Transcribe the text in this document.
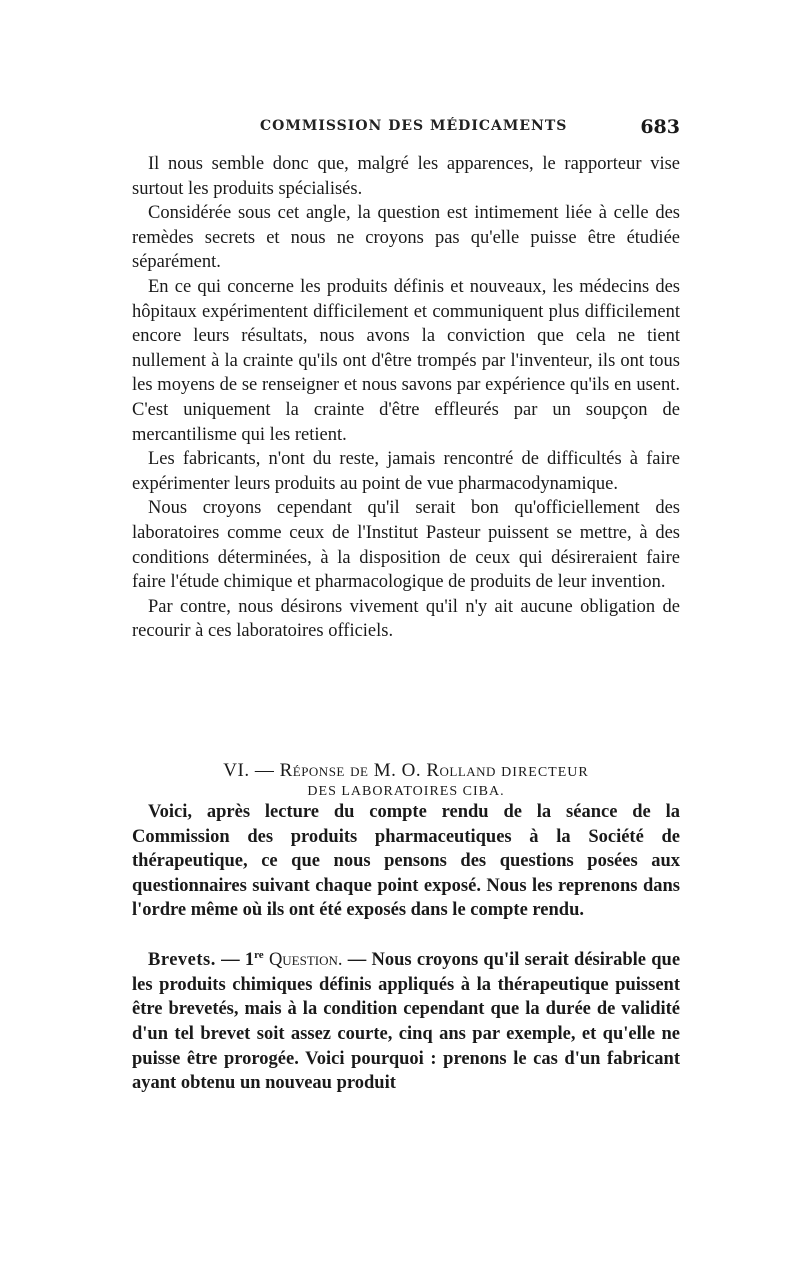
COMMISSION DES MÉDICAMENTS	683

Il nous semble donc que, malgré les apparences, le rapporteur vise surtout les produits spécialisés.

Considérée sous cet angle, la question est intimement liée à celle des remèdes secrets et nous ne croyons pas qu'elle puisse être étudiée séparément.

En ce qui concerne les produits définis et nouveaux, les médecins des hôpitaux expérimentent difficilement et communiquent plus difficilement encore leurs résultats, nous avons la conviction que cela ne tient nullement à la crainte qu'ils ont d'être trompés par l'inventeur, ils ont tous les moyens de se renseigner et nous savons par expérience qu'ils en usent. C'est uniquement la crainte d'être effleurés par un soupçon de mercantilisme qui les retient.

Les fabricants, n'ont du reste, jamais rencontré de difficultés à faire expérimenter leurs produits au point de vue pharmacodynamique.

Nous croyons cependant qu'il serait bon qu'officiellement des laboratoires comme ceux de l'Institut Pasteur puissent se mettre, à des conditions déterminées, à la disposition de ceux qui désireraient faire faire l'étude chimique et pharmacologique de produits de leur invention.

Par contre, nous désirons vivement qu'il n'y ait aucune obligation de recourir à ces laboratoires officiels.

VI. — Réponse de M. O. Rolland DIRECTEUR
DES LABORATOIRES CIBA.

Voici, après lecture du compte rendu de la séance de la Commission des produits pharmaceutiques à la Société de thérapeutique, ce que nous pensons des questions posées aux questionnaires suivant chaque point exposé. Nous les reprenons dans l'ordre même où ils ont été exposés dans le compte rendu.

Brevets. — 1re Question. — Nous croyons qu'il serait désirable que les produits chimiques définis appliqués à la thérapeutique puissent être brevetés, mais à la condition cependant que la durée de validité d'un tel brevet soit assez courte, cinq ans par exemple, et qu'elle ne puisse être prorogée. Voici pourquoi : prenons le cas d'un fabricant ayant obtenu un nouveau produit
